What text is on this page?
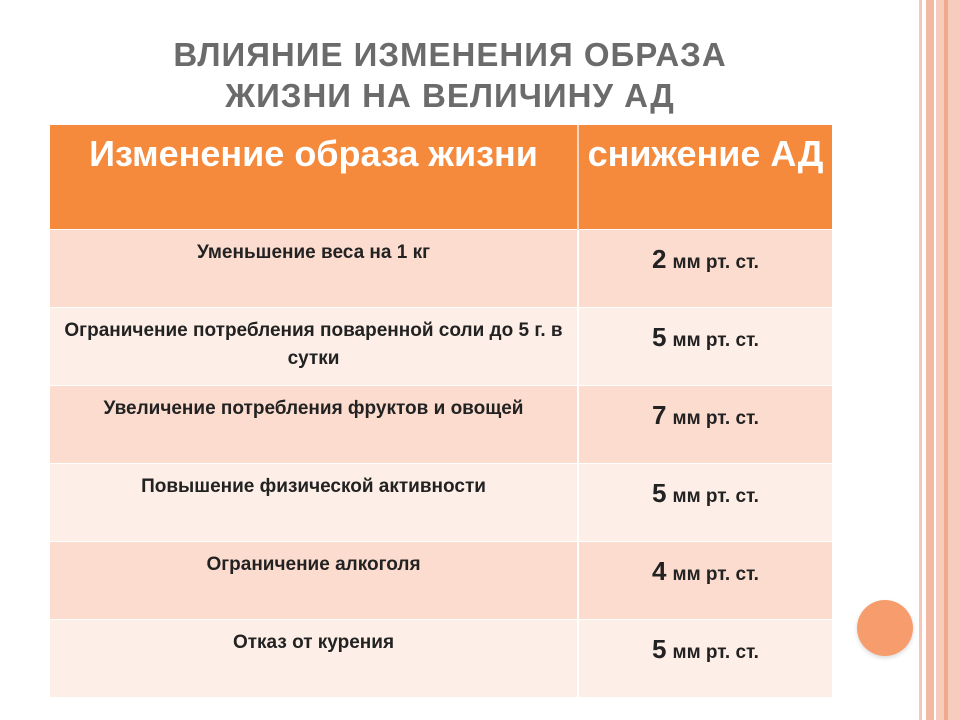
ВЛИЯНИЕ ИЗМЕНЕНИЯ ОБРАЗА
ЖИЗНИ НА ВЕЛИЧИНУ АД
Изменение образа жизни	снижение АД
Уменьшение веса на 1 кг	2 мм рт. ст.
Ограничение потребления поваренной соли до 5 г. в сутки	5 мм рт. ст.
Увеличение потребления фруктов и овощей	7 мм рт. ст.
Повышение физической активности	5 мм рт. ст.
Ограничение алкоголя	4 мм рт. ст.
Отказ от курения	5 мм рт. ст.
